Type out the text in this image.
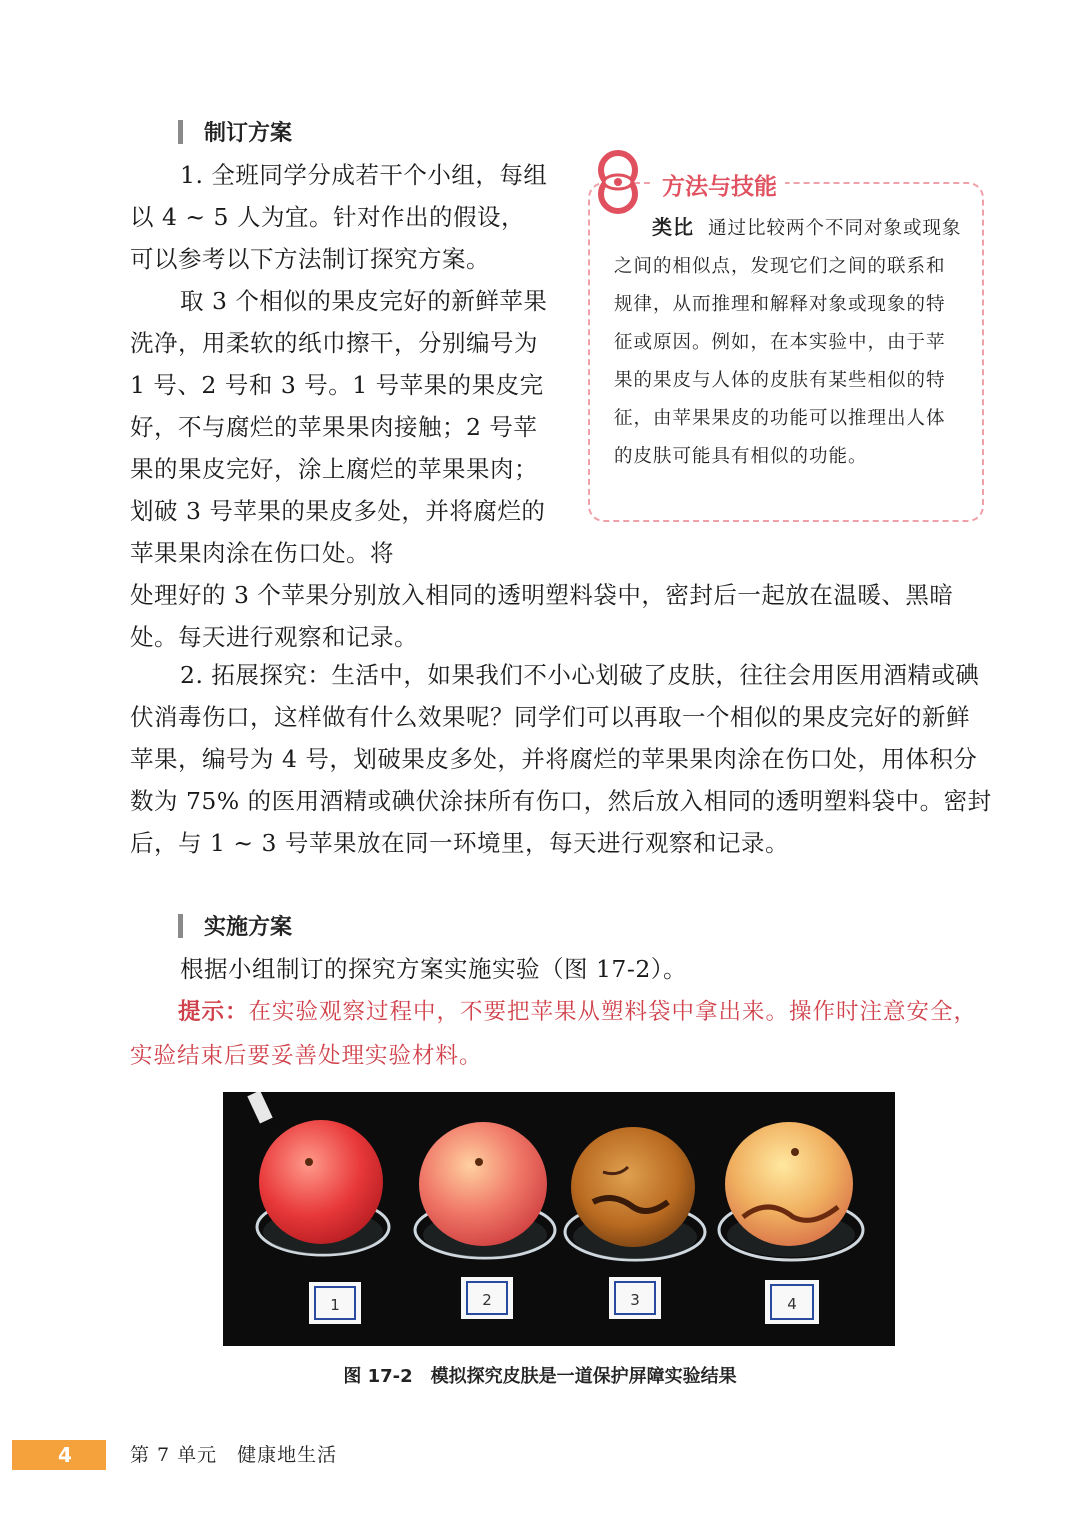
制订方案

1. 全班同学分成若干个小组，每组以 4 ~ 5 人为宜。针对作出的假设，可以参考以下方法制订探究方案。

取 3 个相似的果皮完好的新鲜苹果洗净，用柔软的纸巾擦干，分别编号为 1 号、2 号和 3 号。1 号苹果的果皮完好，不与腐烂的苹果果肉接触；2 号苹果的果皮完好，涂上腐烂的苹果果肉；划破 3 号苹果的果皮多处，并将腐烂的苹果果肉涂在伤口处。将

处理好的 3 个苹果分别放入相同的透明塑料袋中，密封后一起放在温暖、黑暗处。每天进行观察和记录。

2. 拓展探究：生活中，如果我们不小心划破了皮肤，往往会用医用酒精或碘伏消毒伤口，这样做有什么效果呢？同学们可以再取一个相似的果皮完好的新鲜苹果，编号为 4 号，划破果皮多处，并将腐烂的苹果果肉涂在伤口处，用体积分数为 75% 的医用酒精或碘伏涂抹所有伤口，然后放入相同的透明塑料袋中。密封后，与 1 ~ 3 号苹果放在同一环境里，每天进行观察和记录。

方法与技能
类比 通过比较两个不同对象或现象之间的相似点，发现它们之间的联系和规律，从而推理和解释对象或现象的特征或原因。例如，在本实验中，由于苹果的果皮与人体的皮肤有某些相似的特征，由苹果果皮的功能可以推理出人体的皮肤可能具有相似的功能。
实施方案

根据小组制订的探究方案实施实验（图 17-2）。

提示：在实验观察过程中，不要把苹果从塑料袋中拿出来。操作时注意安全，实验结束后要妥善处理实验材料。
1	2	3	4
图 17-2　模拟探究皮肤是一道保护屏障实验结果
4	第 7 单元　健康地生活
